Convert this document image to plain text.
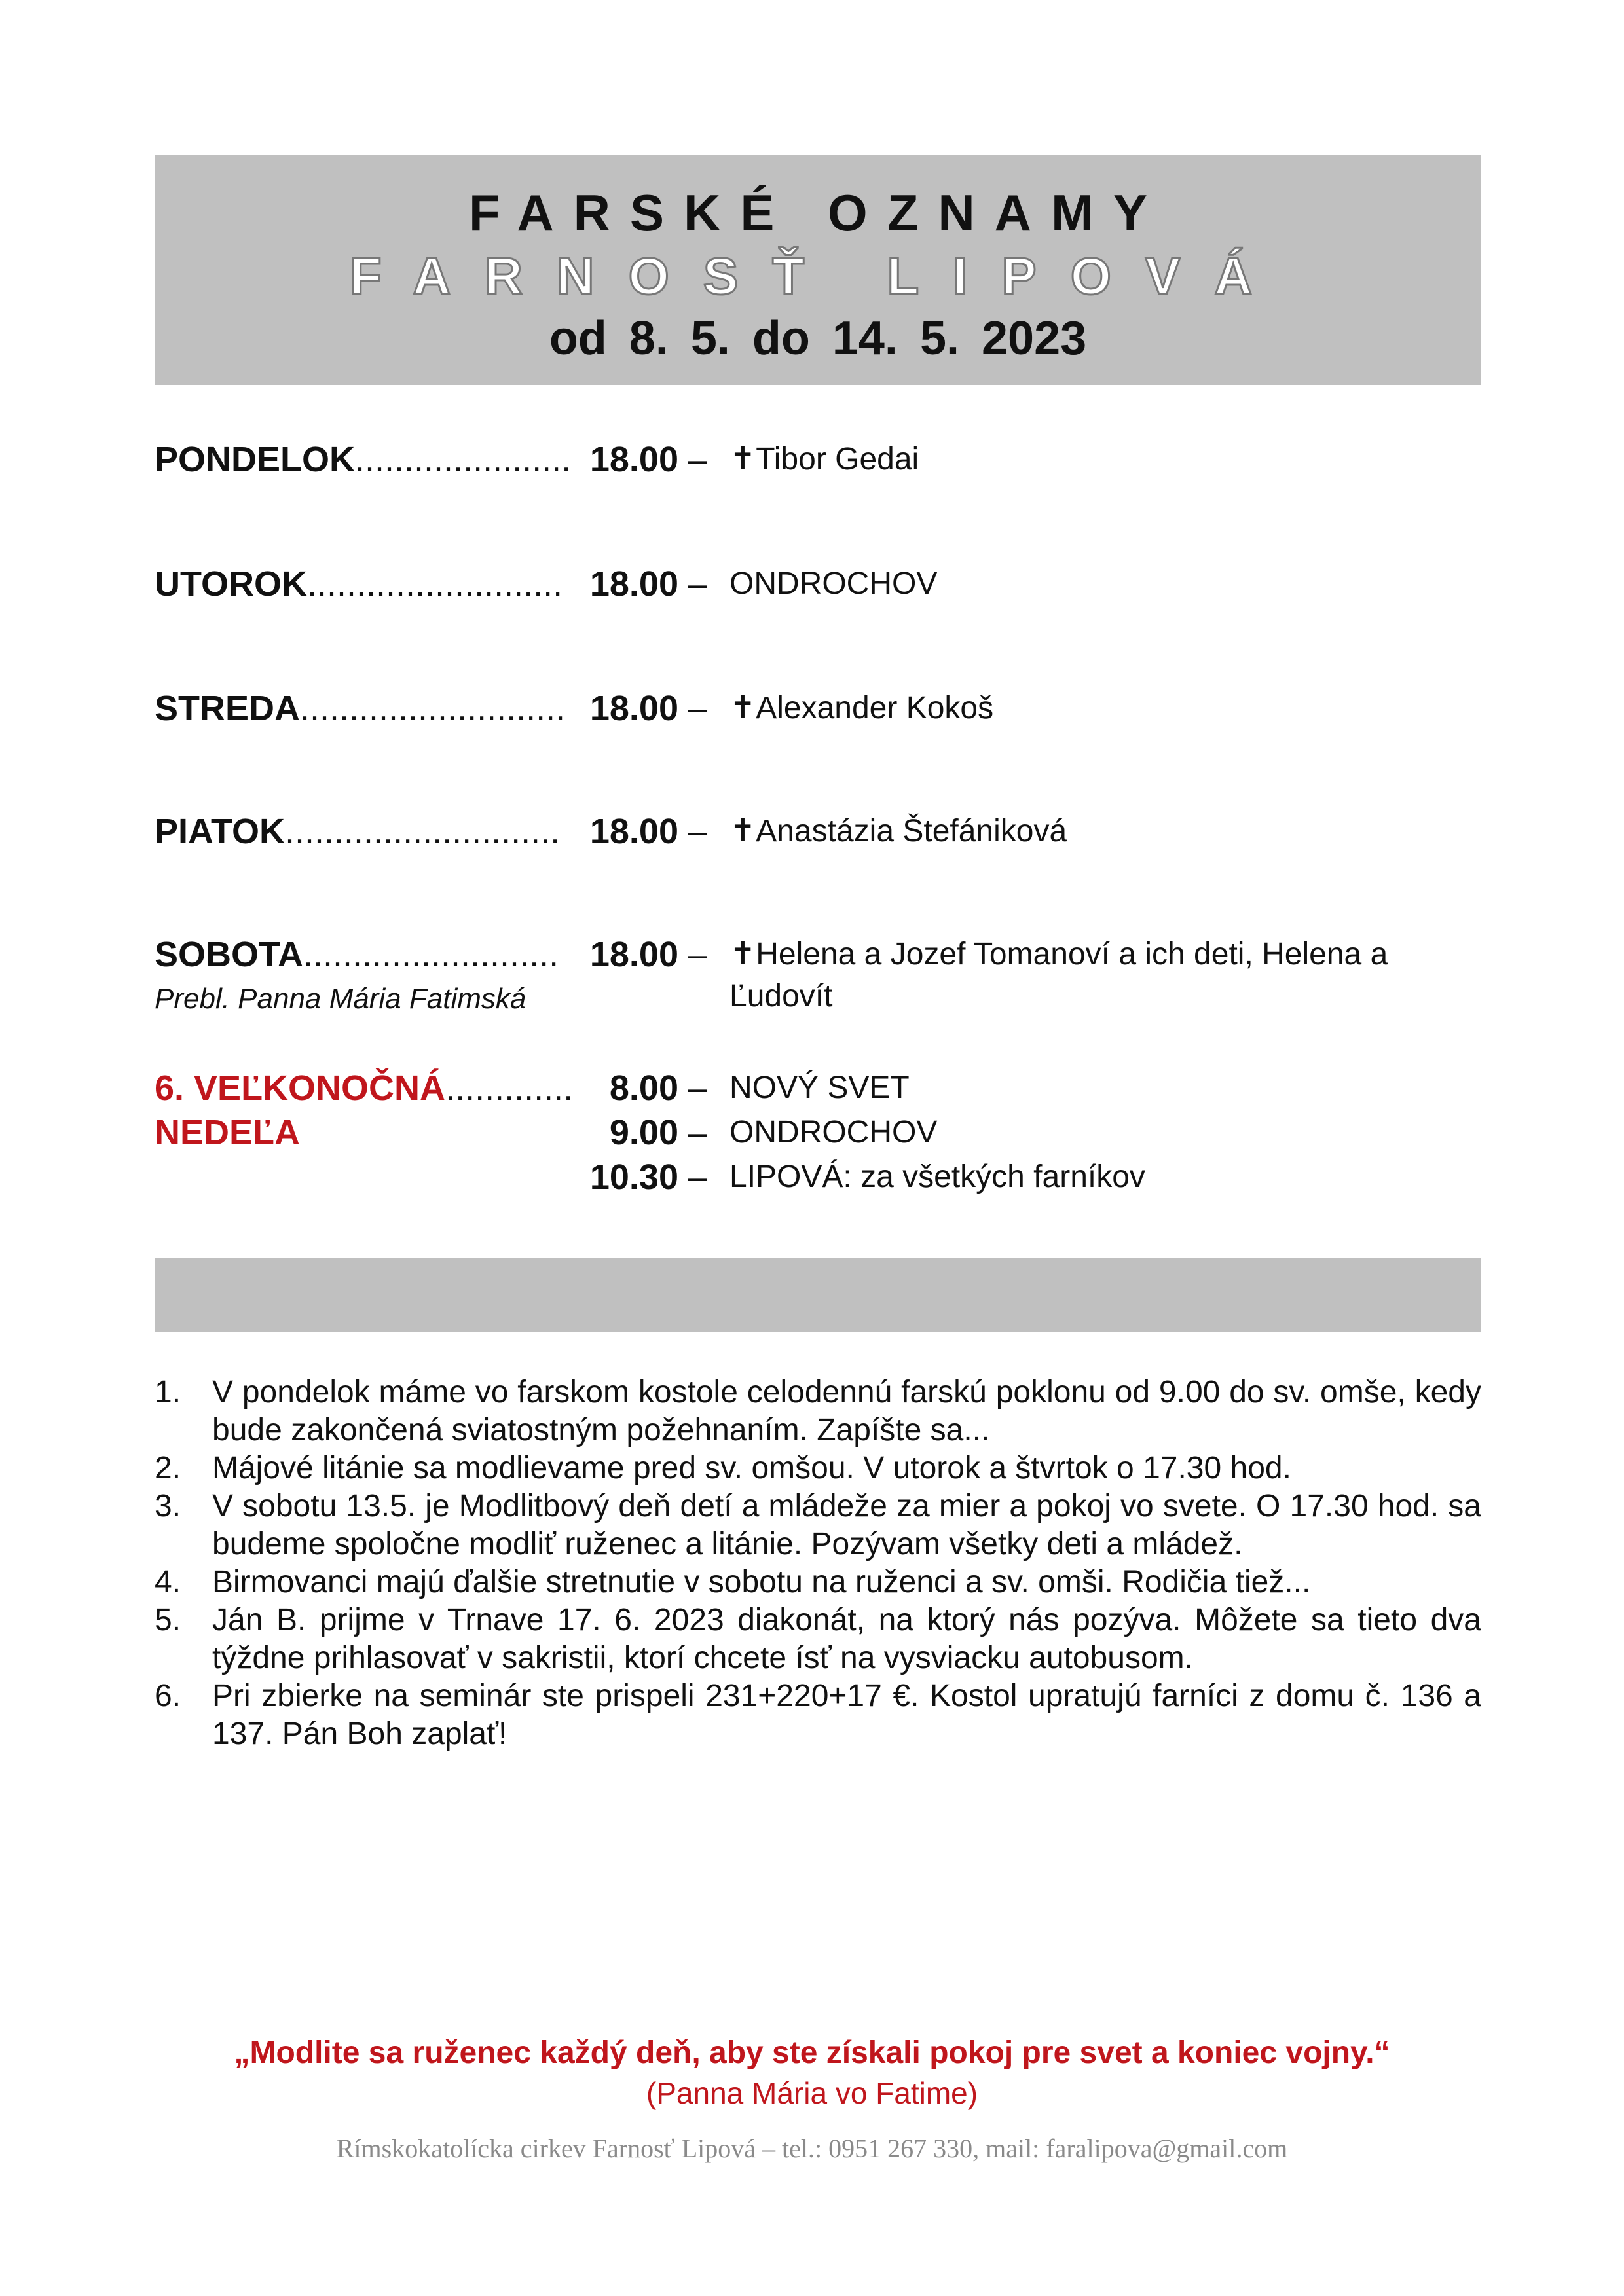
FARSKÉ OZNAMY
FARNOSŤ LIPOVÁ
od 8. 5. do 14. 5. 2023
PONDELOK...................... 18.00 – ✝Tibor Gedai
UTOROK.......................... 18.00 – ONDROCHOV
STREDA........................... 18.00 – ✝Alexander Kokoš
PIATOK............................ 18.00 – ✝Anastázia Štefániková
SOBOTA.......................... 18.00 – ✝Helena a Jozef Tomanoví a ich deti, Helena a Ľudovít
Prebl. Panna Mária Fatimská
6. VEĽKONOČNÁ.............
NEDEĽA
8.00 – NOVÝ SVET
9.00 – ONDROCHOV
10.30 – LIPOVÁ: za všetkých farníkov
1. V pondelok máme vo farskom kostole celodennú farskú poklonu od 9.00 do sv. omše, kedy bude zakončená sviatostným požehnaním. Zapíšte sa...
2. Májové litánie sa modlievame pred sv. omšou. V utorok a štvrtok o 17.30 hod.
3. V sobotu 13.5. je Modlitbový deň detí a mládeže za mier a pokoj vo svete. O 17.30 hod. sa budeme spoločne modliť ruženec a litánie. Pozývam všetky deti a mládež.
4. Birmovanci majú ďalšie stretnutie v sobotu na ruženci a sv. omši. Rodičia tiež...
5. Ján B. prijme v Trnave 17. 6. 2023 diakonát, na ktorý nás pozýva. Môžete sa tieto dva týždne prihlasovať v sakristii, ktorí chcete ísť na vysviacku autobusom.
6. Pri zbierke na seminár ste prispeli 231+220+17 €. Kostol upratujú farníci z domu č. 136 a 137. Pán Boh zaplať!
„Modlite sa ruženec každý deň, aby ste získali pokoj pre svet a koniec vojny.“
(Panna Mária vo Fatime)
Rímskokatolícka cirkev Farnosť Lipová – tel.: 0951 267 330, mail: faralipova@gmail.com
